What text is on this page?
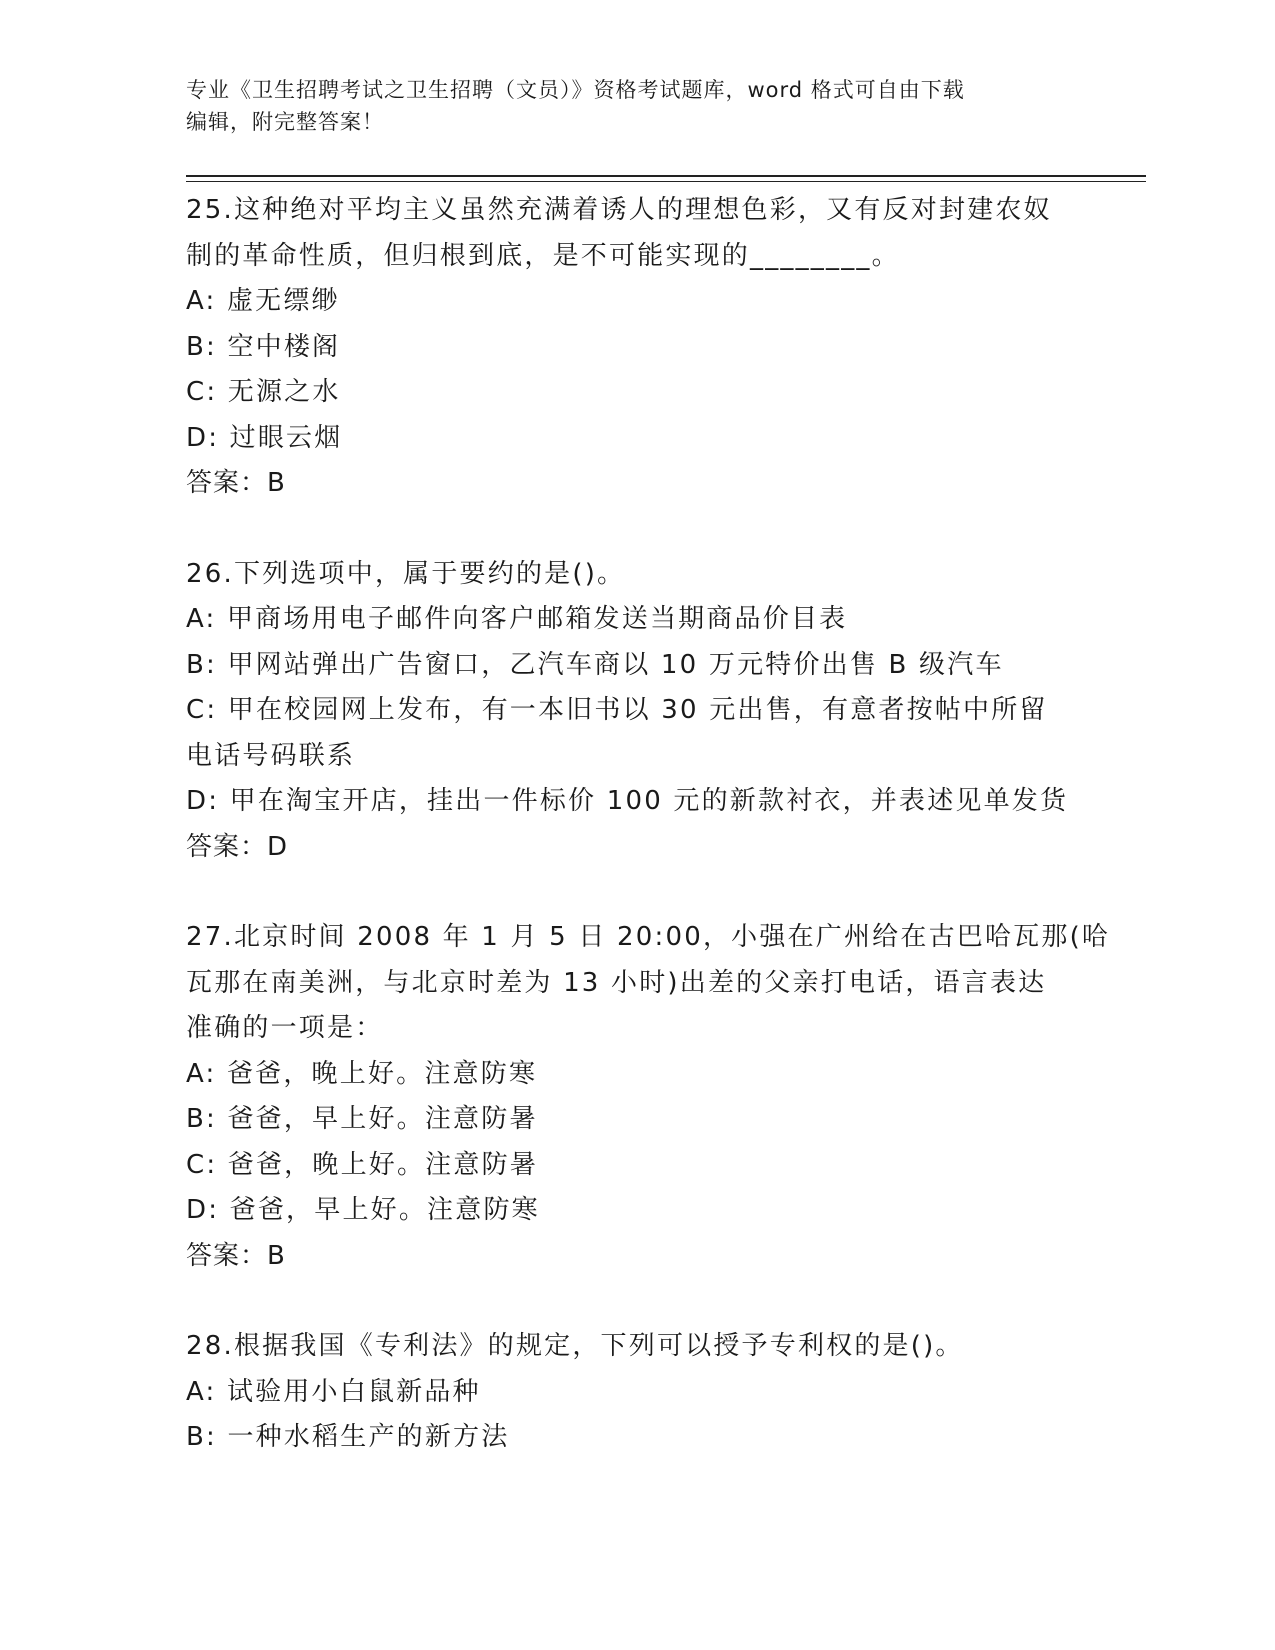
专业《卫生招聘考试之卫生招聘（文员）》资格考试题库，word 格式可自由下载
编辑，附完整答案！
25.这种绝对平均主义虽然充满着诱人的理想色彩，又有反对封建农奴
制的革命性质，但归根到底，是不可能实现的________。
A: 虚无缥缈
B: 空中楼阁
C: 无源之水
D: 过眼云烟
答案：B
26.下列选项中，属于要约的是()。
A: 甲商场用电子邮件向客户邮箱发送当期商品价目表
B: 甲网站弹出广告窗口，乙汽车商以 10 万元特价出售 B 级汽车
C: 甲在校园网上发布，有一本旧书以 30 元出售，有意者按帖中所留
电话号码联系
D: 甲在淘宝开店，挂出一件标价 100 元的新款衬衣，并表述见单发货
答案：D
27.北京时间 2008 年 1 月 5 日 20:00，小强在广州给在古巴哈瓦那(哈
瓦那在南美洲，与北京时差为 13 小时)出差的父亲打电话，语言表达
准确的一项是：
A: 爸爸，晚上好。注意防寒
B: 爸爸，早上好。注意防暑
C: 爸爸，晚上好。注意防暑
D: 爸爸，早上好。注意防寒
答案：B
28.根据我国《专利法》的规定，下列可以授予专利权的是()。
A: 试验用小白鼠新品种
B: 一种水稻生产的新方法
